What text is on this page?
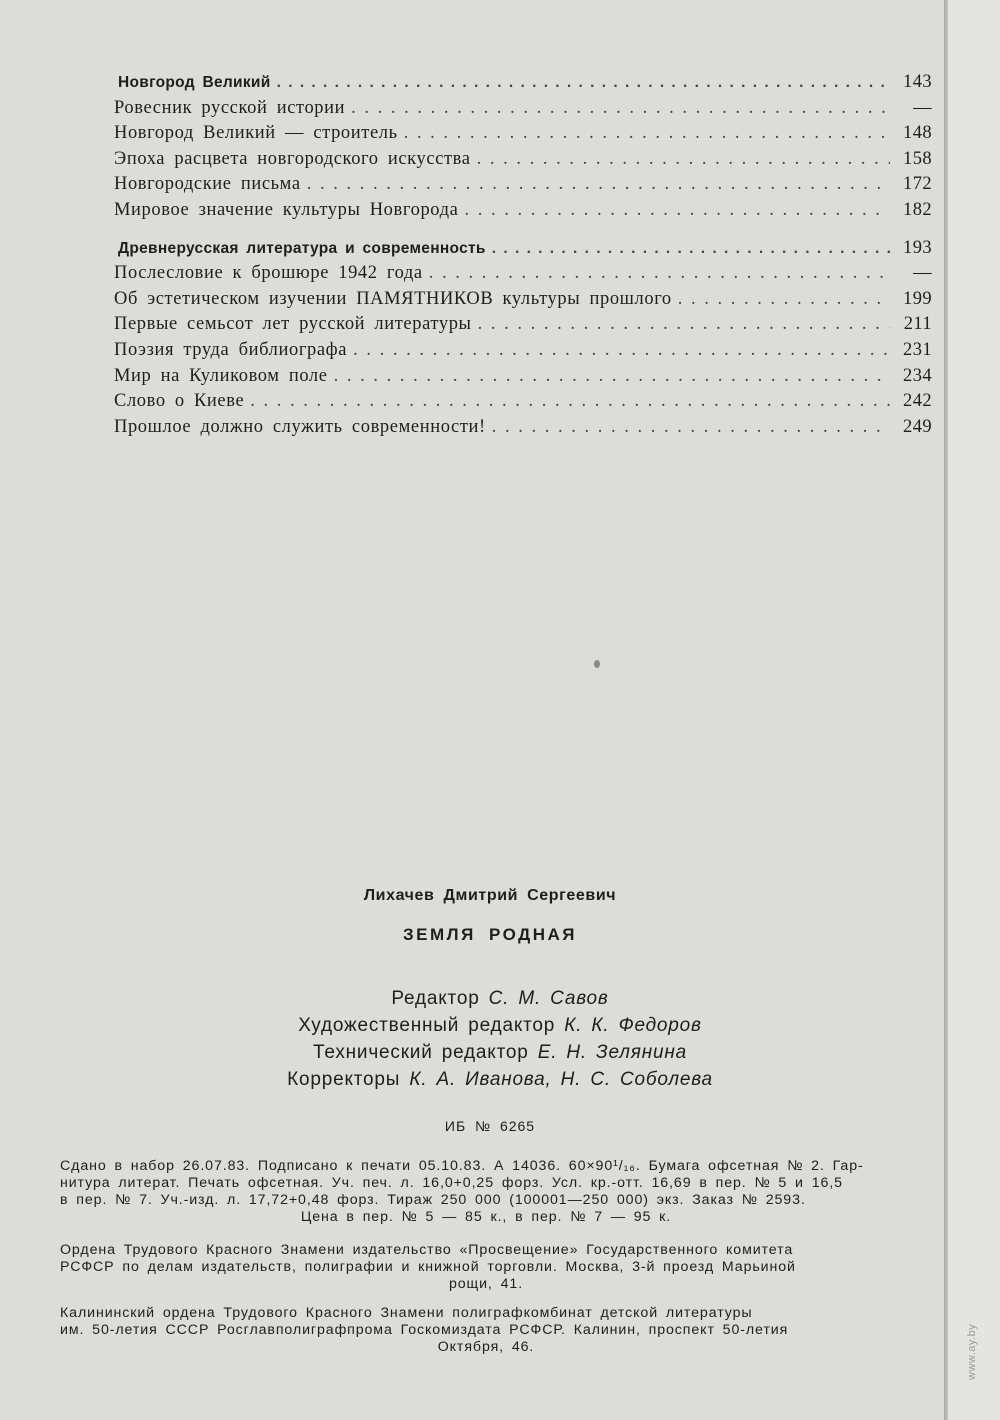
Новгород Великий . . .	143
Ровесник русской истории . . .	—
Новгород Великий — строитель . . .	148
Эпоха расцвета новгородского искусства . . .	158
Новгородские письма . . .	172
Мировое значение культуры Новгорода . . .	182
Древнерусская литература и современность . . .	193
Послесловие к брошюре 1942 года . . .	—
Об эстетическом изучении ПАМЯТНИКОВ культуры прошлого . . .	199
Первые семьсот лет русской литературы . . .	211
Поэзия труда библиографа . . .	231
Мир на Куликовом поле . . .	234
Слово о Киеве . . .	242
Прошлое должно служить современности! . . .	249
Лихачев Дмитрий Сергеевич
ЗЕМЛЯ РОДНАЯ
Редактор С. М. Савов
Художественный редактор К. К. Федоров
Технический редактор Е. Н. Зелянина
Корректоры К. А. Иванова, Н. С. Соболева
ИБ № 6265
Сдано в набор 26.07.83. Подписано к печати 05.10.83. А 14036. 60×90¹/₁₆. Бумага офсетная № 2. Гар-
нитура литерат. Печать офсетная. Уч. печ. л. 16,0+0,25 форз. Усл. кр.-отт. 16,69 в пер. № 5 и 16,5
в пер. № 7. Уч.-изд. л. 17,72+0,48 форз. Тираж 250 000 (100001—250 000) экз. Заказ № 2593.
Цена в пер. № 5 — 85 к., в пер. № 7 — 95 к.
Ордена Трудового Красного Знамени издательство «Просвещение» Государственного комитета
РСФСР по делам издательств, полиграфии и книжной торговли. Москва, 3-й проезд Марьиной
рощи, 41.
Калининский ордена Трудового Красного Знамени полиграфкомбинат детской литературы
им. 50-летия СССР Росглавполиграфпрома Госкомиздата РСФСР. Калинин, проспект 50-летия
Октября, 46.	www.ay.by
